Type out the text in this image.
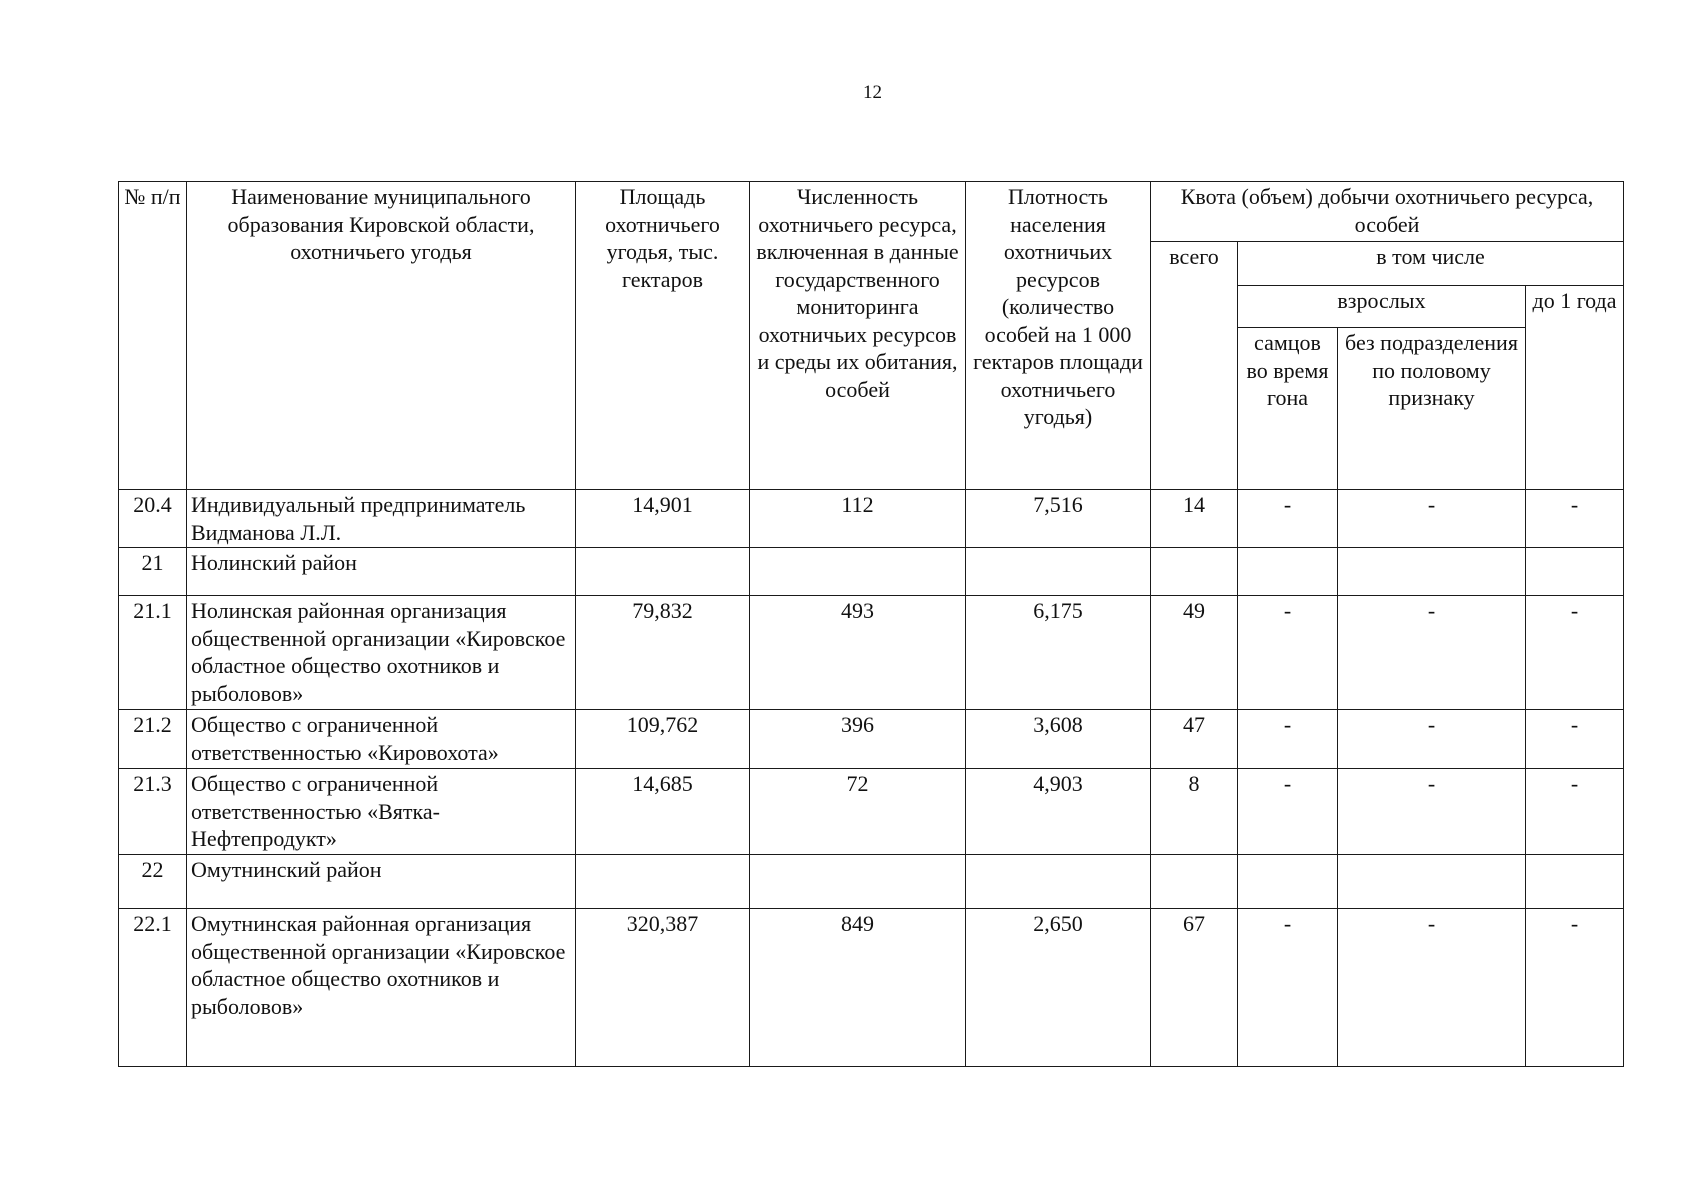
12
№ п/п	Наименование муниципального образования Кировской области, охотничьего угодья	Площадь охотничьего угодья, тыс. гектаров	Численность охотничьего ресурса, включенная в данные государственного мониторинга охотничьих ресурсов и среды их обитания, особей	Плотность населения охотничьих ресурсов (количество особей на 1 000 гектаров площади охотничьего угодья)	Квота (объем) добычи охотничьего ресурса, особей			
					всего	в том числе		
						взрослых		до 1 года
						самцов во время гона	без подразделения по половому признаку	
20.4	Индивидуальный предприниматель Видманова Л.Л.	14,901	112	7,516	14	-	-	-
21	Нолинский район							
21.1	Нолинская районная организация общественной организации «Кировское областное общество охотников и рыболовов»	79,832	493	6,175	49	-	-	-
21.2	Общество с ограниченной ответственностью «Кировохота»	109,762	396	3,608	47	-	-	-
21.3	Общество с ограниченной ответственностью «Вятка-Нефтепродукт»	14,685	72	4,903	8	-	-	-
22	Омутнинский район							
22.1	Омутнинская районная организация общественной организации «Кировское областное общество охотников и рыболовов»	320,387	849	2,650	67	-	-	-
